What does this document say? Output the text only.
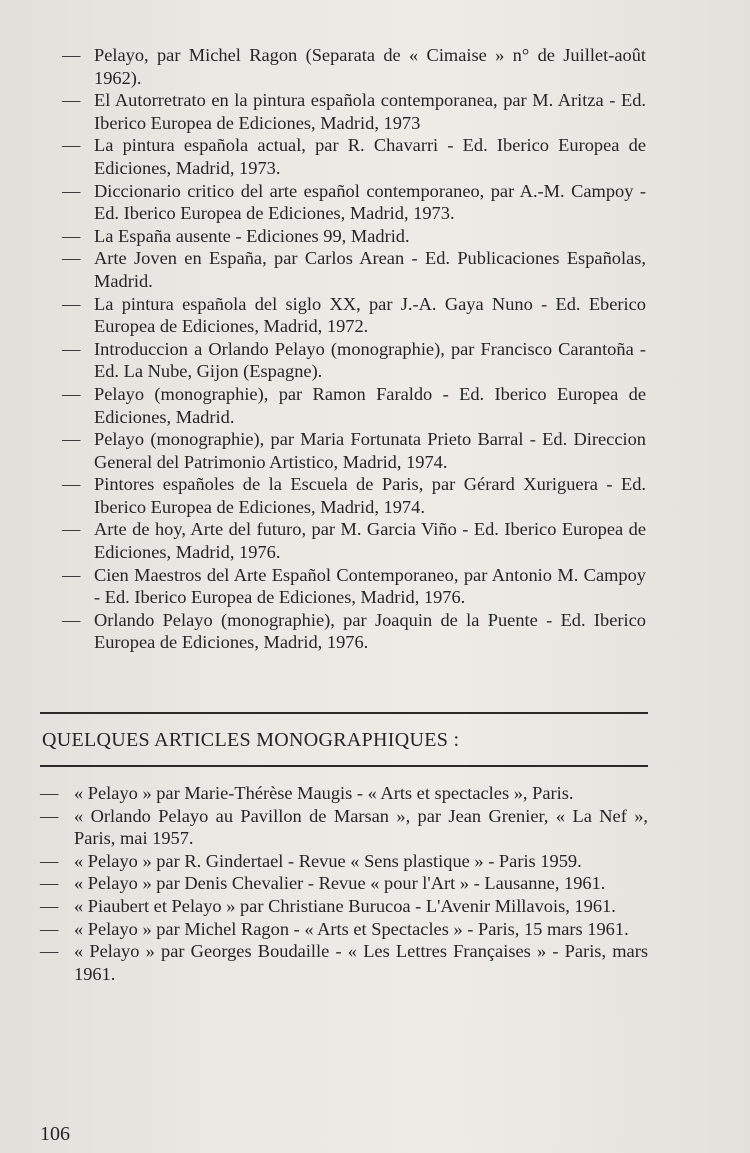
— Pelayo, par Michel Ragon (Separata de « Cimaise » n° de Juillet-août 1962).
— El Autorretrato en la pintura española contemporanea, par M. Aritza - Ed. Iberico Europea de Ediciones, Madrid, 1973
— La pintura española actual, par R. Chavarri - Ed. Iberico Europea de Ediciones, Madrid, 1973.
— Diccionario critico del arte español contemporaneo, par A.-M. Campoy - Ed. Iberico Europea de Ediciones, Madrid, 1973.
— La España ausente - Ediciones 99, Madrid.
— Arte Joven en España, par Carlos Arean - Ed. Publicaciones Españolas, Madrid.
— La pintura española del siglo XX, par J.-A. Gaya Nuno - Ed. Eberico Europea de Ediciones, Madrid, 1972.
— Introduccion a Orlando Pelayo (monographie), par Francisco Carantoña - Ed. La Nube, Gijon (Espagne).
— Pelayo (monographie), par Ramon Faraldo - Ed. Iberico Europea de Ediciones, Madrid.
— Pelayo (monographie), par Maria Fortunata Prieto Barral - Ed. Direccion General del Patrimonio Artistico, Madrid, 1974.
— Pintores españoles de la Escuela de Paris, par Gérard Xuriguera - Ed. Iberico Europea de Ediciones, Madrid, 1974.
— Arte de hoy, Arte del futuro, par M. Garcia Viño - Ed. Iberico Europea de Ediciones, Madrid, 1976.
— Cien Maestros del Arte Español Contemporaneo, par Antonio M. Campoy - Ed. Iberico Europea de Ediciones, Madrid, 1976.
— Orlando Pelayo (monographie), par Joaquin de la Puente - Ed. Iberico Europea de Ediciones, Madrid, 1976.
QUELQUES ARTICLES MONOGRAPHIQUES :
— « Pelayo » par Marie-Thérèse Maugis - « Arts et spectacles », Paris.
— « Orlando Pelayo au Pavillon de Marsan », par Jean Grenier, « La Nef », Paris, mai 1957.
— « Pelayo » par R. Gindertael - Revue « Sens plastique » - Paris 1959.
— « Pelayo » par Denis Chevalier - Revue « pour l'Art » - Lausanne, 1961.
— « Piaubert et Pelayo » par Christiane Burucoa - L'Avenir Millavois, 1961.
— « Pelayo » par Michel Ragon - « Arts et Spectacles » - Paris, 15 mars 1961.
— « Pelayo » par Georges Boudaille - « Les Lettres Françaises » - Paris, mars 1961.
106
